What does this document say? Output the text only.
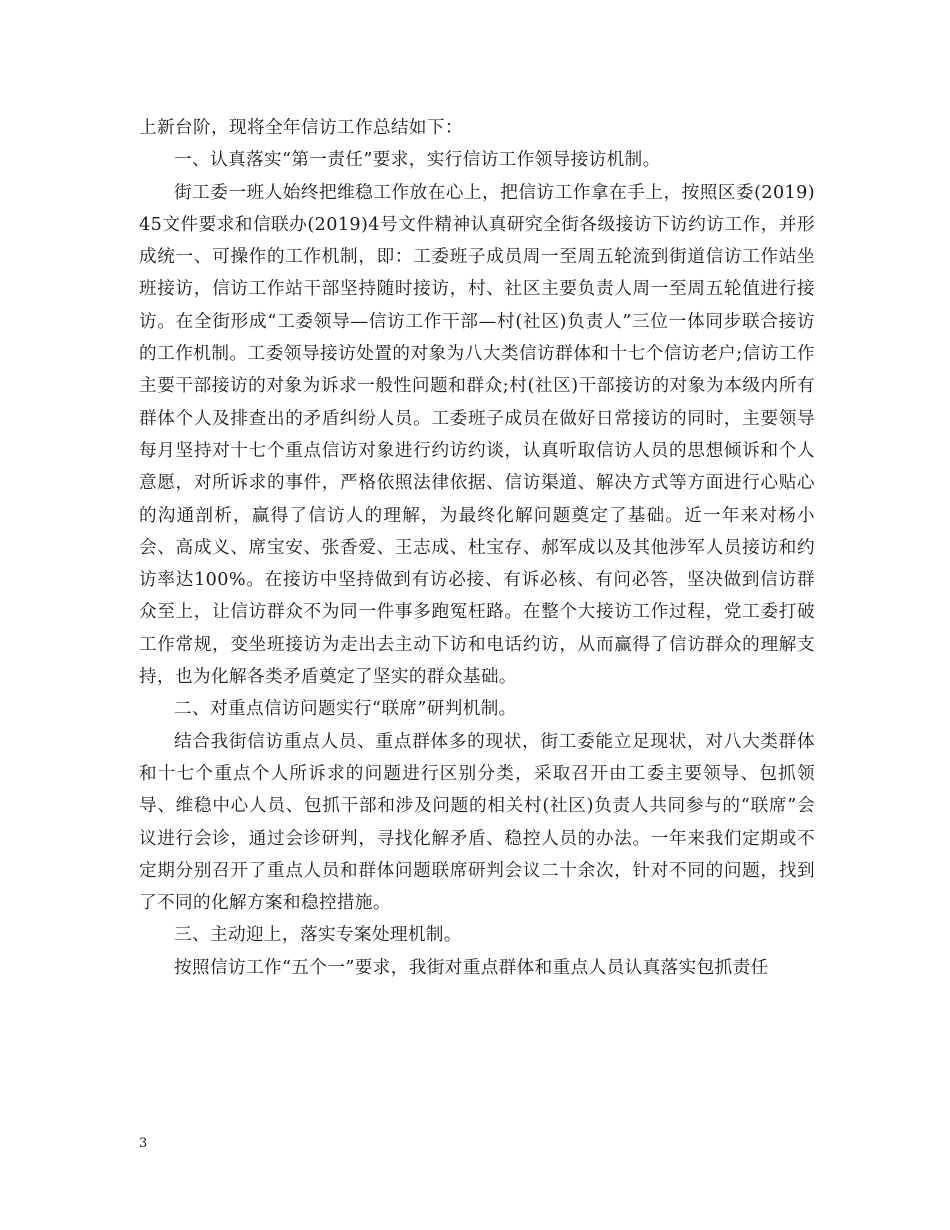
上新台阶，现将全年信访工作总结如下：

一、认真落实“第一责任”要求，实行信访工作领导接访机制。

街工委一班人始终把维稳工作放在心上，把信访工作拿在手上，按照区委(2019)45文件要求和信联办(2019)4号文件精神认真研究全街各级接访下访约访工作，并形成统一、可操作的工作机制，即：工委班子成员周一至周五轮流到街道信访工作站坐班接访，信访工作站干部坚持随时接访，村、社区主要负责人周一至周五轮值进行接访。在全街形成“工委领导—信访工作干部—村(社区)负责人”三位一体同步联合接访的工作机制。工委领导接访处置的对象为八大类信访群体和十七个信访老户;信访工作主要干部接访的对象为诉求一般性问题和群众;村(社区)干部接访的对象为本级内所有群体个人及排查出的矛盾纠纷人员。工委班子成员在做好日常接访的同时，主要领导每月坚持对十七个重点信访对象进行约访约谈，认真听取信访人员的思想倾诉和个人意愿，对所诉求的事件，严格依照法律依据、信访渠道、解决方式等方面进行心贴心的沟通剖析，赢得了信访人的理解，为最终化解问题奠定了基础。近一年来对杨小会、高成义、席宝安、张香爱、王志成、杜宝存、郝军成以及其他涉军人员接访和约访率达100%。在接访中坚持做到有访必接、有诉必核、有问必答，坚决做到信访群众至上，让信访群众不为同一件事多跑冤枉路。在整个大接访工作过程，党工委打破工作常规，变坐班接访为走出去主动下访和电话约访，从而赢得了信访群众的理解支持，也为化解各类矛盾奠定了坚实的群众基础。

二、对重点信访问题实行“联席”研判机制。

结合我街信访重点人员、重点群体多的现状，街工委能立足现状，对八大类群体和十七个重点个人所诉求的问题进行区别分类，采取召开由工委主要领导、包抓领导、维稳中心人员、包抓干部和涉及问题的相关村(社区)负责人共同参与的“联席”会议进行会诊，通过会诊研判，寻找化解矛盾、稳控人员的办法。一年来我们定期或不定期分别召开了重点人员和群体问题联席研判会议二十余次，针对不同的问题，找到了不同的化解方案和稳控措施。

三、主动迎上，落实专案处理机制。

按照信访工作“五个一”要求，我街对重点群体和重点人员认真落实包抓责任

3
